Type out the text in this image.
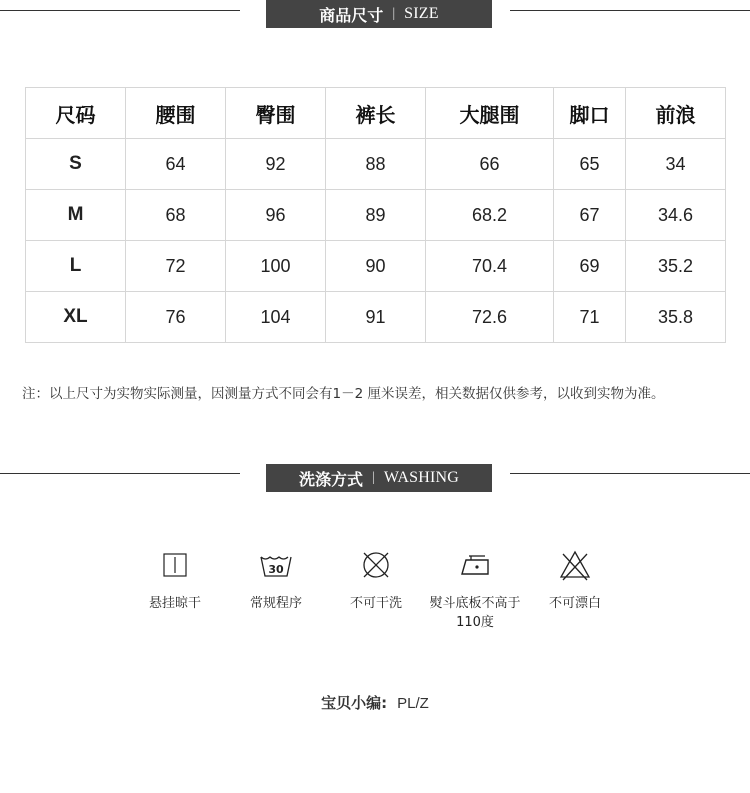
商品尺寸 | SIZE
尺码	腰围	臀围	裤长	大腿围	脚口	前浪
S	64	92	88	66	65	34
M	68	96	89	68.2	67	34.6
L	72	100	90	70.4	69	35.2
XL	76	104	91	72.6	71	35.8
注：以上尺寸为实物实际测量，因测量方式不同会有1－2 厘米误差，相关数据仅供参考，以收到实物为准。
洗涤方式 | WASHING
悬挂晾干
30
常规程序	不可干洗	熨斗底板不高于110度
不可漂白
宝贝小编: PL/Z
